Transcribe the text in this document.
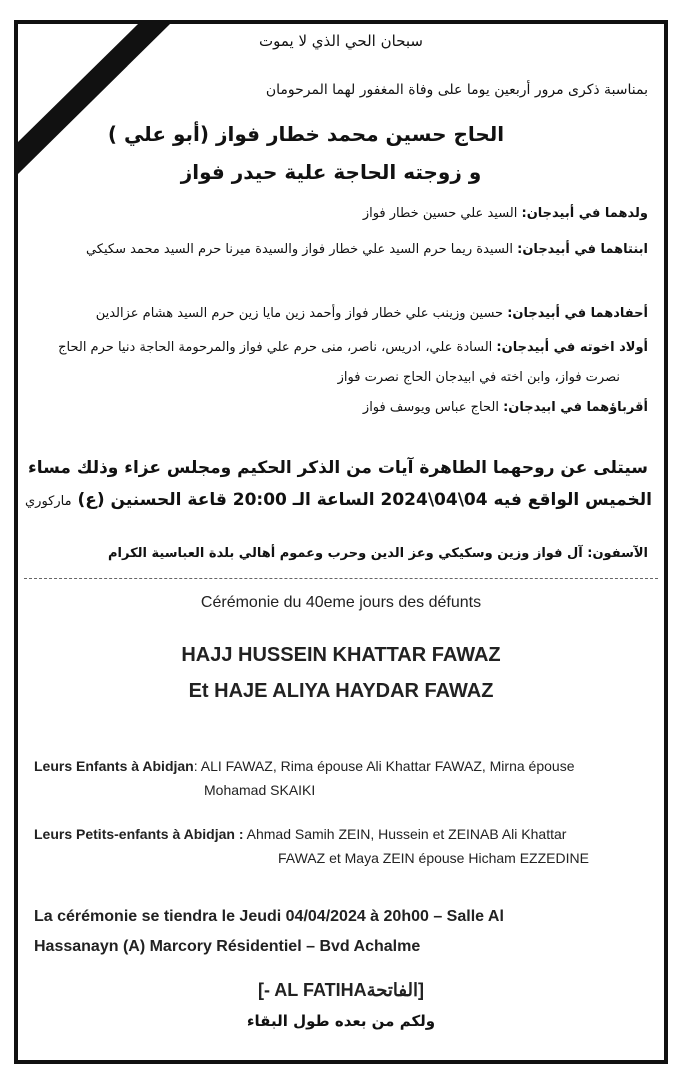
سبحان الحي الذي لا يموت
بمناسبة ذكرى مرور أربعين يوما على وفاة المغفور لهما المرحومان
الحاج حسين محمد خطار فواز (أبو علي )
و زوجته الحاجة علية حيدر فواز
ولدهما في أبيدجان: السيد علي حسين خطار فواز
ابنتاهما في أبيدجان: السيدة ريما حرم السيد علي خطار فواز والسيدة ميرنا حرم السيد محمد سكيكي
أحفادهما في أبيدجان: حسين وزينب علي خطار فواز وأحمد زين مايا زين حرم السيد هشام عزالدين
أولاد اخوته في أبيدجان: السادة علي، ادريس، ناصر، منى حرم علي فواز والمرحومة الحاجة دنيا حرم الحاج
نصرت فواز، وابن اخته في ابيدجان الحاج نصرت فواز
أقرباؤهما في ابيدجان: الحاج عباس ويوسف فواز
سيتلى عن روحهما الطاهرة آيات من الذكر الحكيم ومجلس عزاء وذلك مساء
الخميس الواقع فيه 04\04\2024 الساعة الـ 20:00 قاعة الحسنين (ع) ماركوري
الآسفون: آل فواز وزين وسكيكي وعز الدين وحرب وعموم أهالي بلدة العباسية الكرام
Cérémonie du 40eme jours des défunts
HAJJ HUSSEIN KHATTAR FAWAZ
Et HAJE ALIYA HAYDAR FAWAZ
Leurs Enfants à Abidjan: ALI FAWAZ, Rima épouse Ali Khattar FAWAZ, Mirna épouse
Mohamad SKAIKI
Leurs Petits-enfants à Abidjan : Ahmad Samih ZEIN, Hussein et ZEINAB Ali Khattar
FAWAZ et Maya ZEIN épouse Hicham EZZEDINE
La cérémonie se tiendra le Jeudi 04/04/2024 à 20h00 – Salle Al
Hassanayn (A) Marcory Résidentiel – Bvd Achalme
[- AL FATIHAالفاتحة]
ولكم من بعده طول البقاء
